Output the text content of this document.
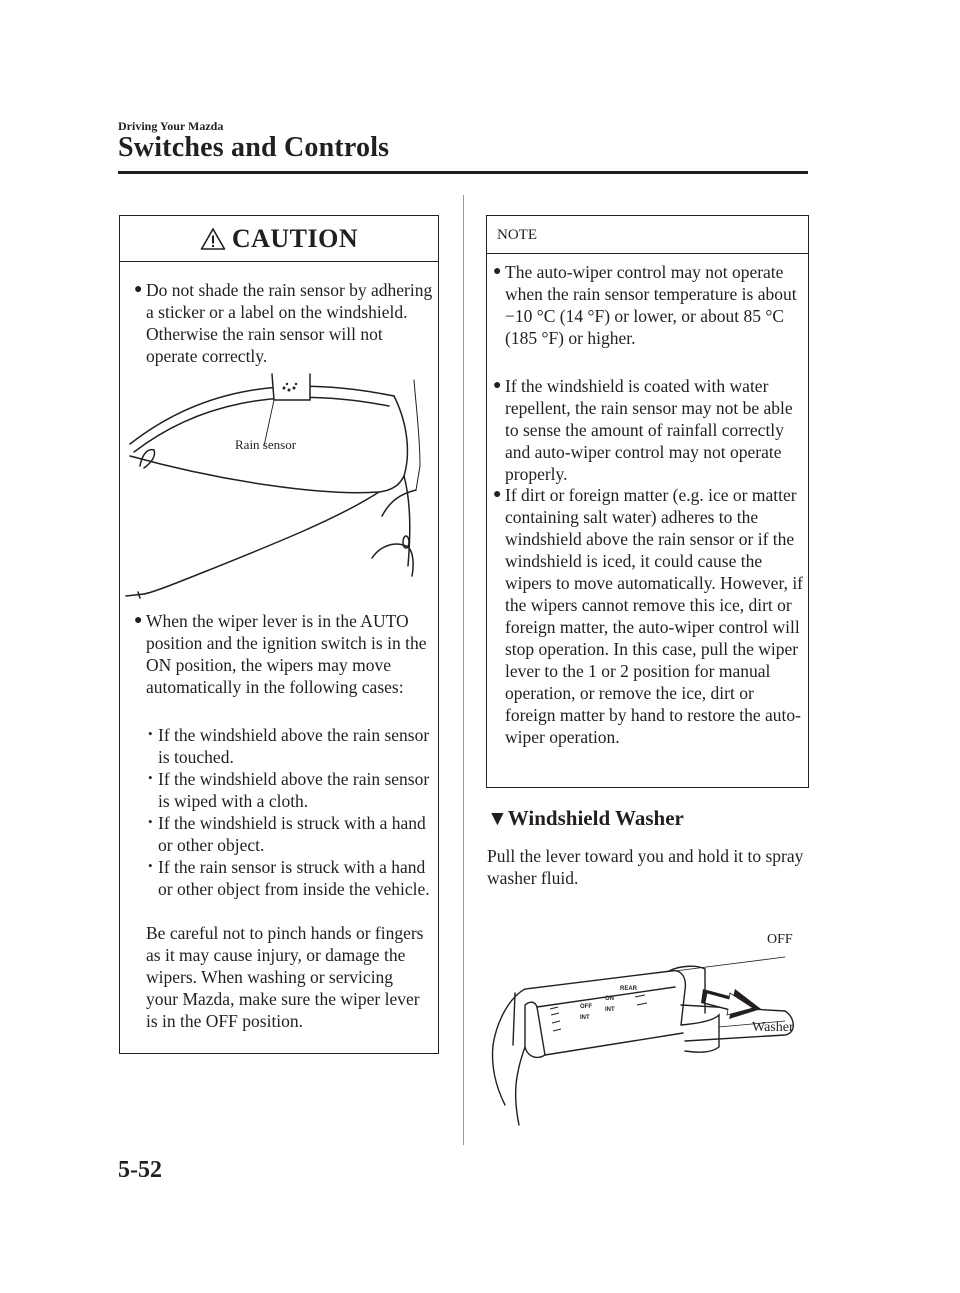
Driving Your Mazda
Switches and Controls
CAUTION
● Do not shade the rain sensor by adhering a sticker or a label on the windshield. Otherwise the rain sensor will not operate correctly.
Rain sensor
● When the wiper lever is in the AUTO position and the ignition switch is in the ON position, the wipers may move automatically in the following cases:
• If the windshield above the rain sensor is touched.
• If the windshield above the rain sensor is wiped with a cloth.
• If the windshield is struck with a hand or other object.
• If the rain sensor is struck with a hand or other object from inside the vehicle.
Be careful not to pinch hands or fingers as it may cause injury, or damage the wipers. When washing or servicing your Mazda, make sure the wiper lever is in the OFF position.
NOTE
● The auto-wiper control may not operate when the rain sensor temperature is about −10 °C (14 °F) or lower, or about 85 °C (185 °F) or higher.
● If the windshield is coated with water repellent, the rain sensor may not be able to sense the amount of rainfall correctly and auto-wiper control may not operate properly.
● If dirt or foreign matter (e.g. ice or matter containing salt water) adheres to the windshield above the rain sensor or if the windshield is iced, it could cause the wipers to move automatically. However, if the wipers cannot remove this ice, dirt or foreign matter, the auto-wiper control will stop operation. In this case, pull the wiper lever to the 1 or 2 position for manual operation, or remove the ice, dirt or foreign matter by hand to restore the auto-wiper operation.
▼Windshield Washer
Pull the lever toward you and hold it to spray washer fluid.
OFF
INT
ON
INT
REAR
OFF
Washer
5-52
